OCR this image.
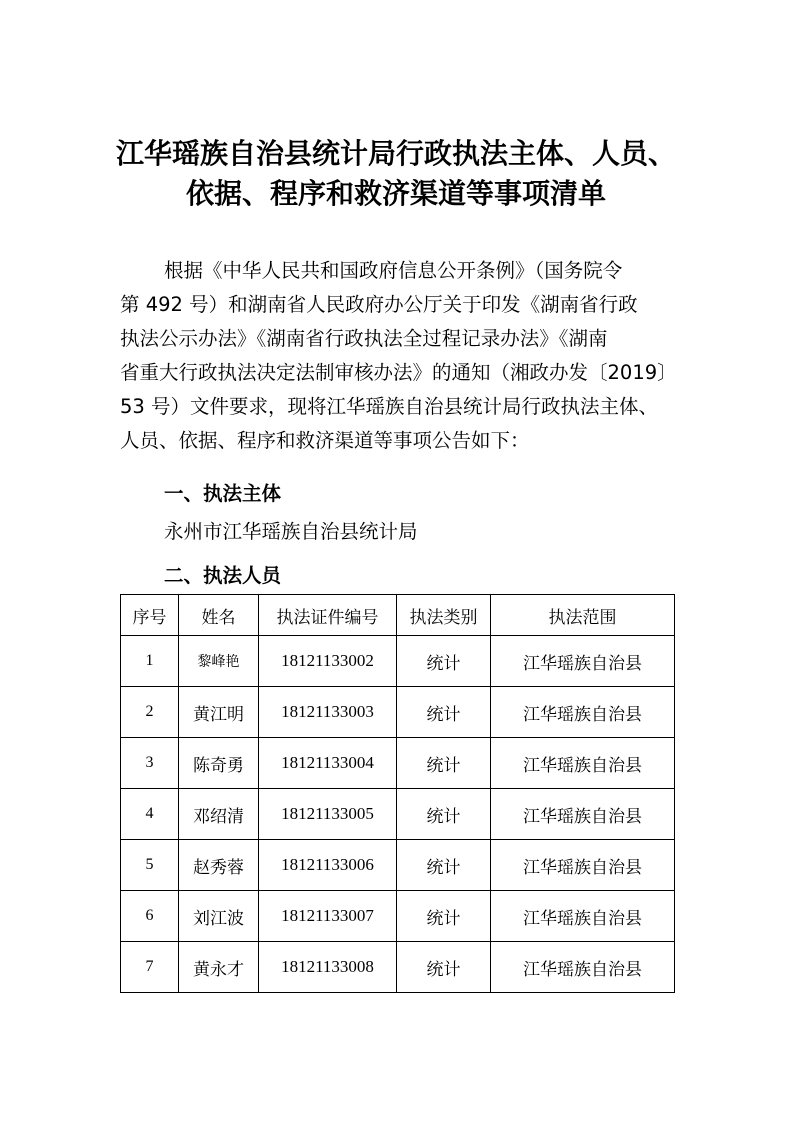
江华瑶族自治县统计局行政执法主体、人员、
依据、程序和救济渠道等事项清单
根据《中华人民共和国政府信息公开条例》（国务院令
第 492 号）和湖南省人民政府办公厅关于印发《湖南省行政
执法公示办法》《湖南省行政执法全过程记录办法》《湖南
省重大行政执法决定法制审核办法》的通知（湘政办发〔2019〕
53 号）文件要求，现将江华瑶族自治县统计局行政执法主体、
人员、依据、程序和救济渠道等事项公告如下：
一、执法主体
永州市江华瑶族自治县统计局
二、执法人员
序号	姓名	执法证件编号	执法类别	执法范围
1	黎峰艳	18121133002	统计	江华瑶族自治县
2	黄江明	18121133003	统计	江华瑶族自治县
3	陈奇勇	18121133004	统计	江华瑶族自治县
4	邓绍清	18121133005	统计	江华瑶族自治县
5	赵秀蓉	18121133006	统计	江华瑶族自治县
6	刘江波	18121133007	统计	江华瑶族自治县
7	黄永才	18121133008	统计	江华瑶族自治县
